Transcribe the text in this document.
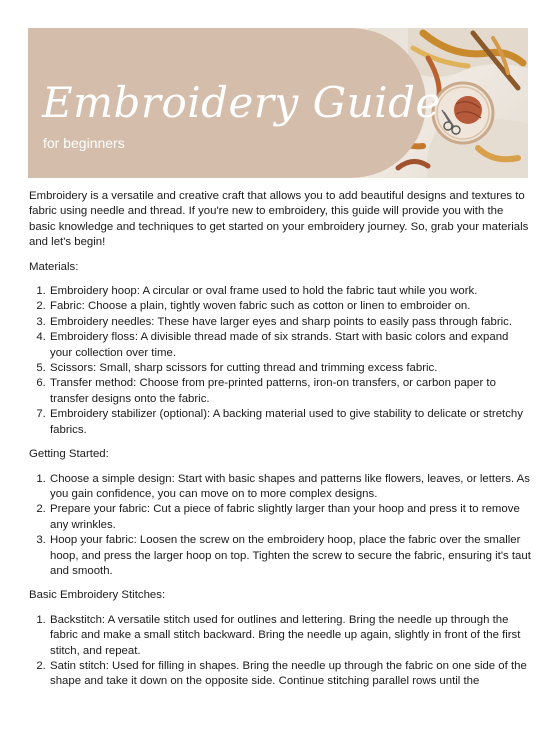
Embroidery Guide
for beginners

Embroidery is a versatile and creative craft that allows you to add beautiful designs and textures to fabric using needle and thread. If you're new to embroidery, this guide will provide you with the basic knowledge and techniques to get started on your embroidery journey. So, grab your materials and let's begin!

Materials:

1. Embroidery hoop: A circular or oval frame used to hold the fabric taut while you work.
2. Fabric: Choose a plain, tightly woven fabric such as cotton or linen to embroider on.
3. Embroidery needles: These have larger eyes and sharp points to easily pass through fabric.
4. Embroidery floss: A divisible thread made of six strands. Start with basic colors and expand your collection over time.
5. Scissors: Small, sharp scissors for cutting thread and trimming excess fabric.
6. Transfer method: Choose from pre-printed patterns, iron-on transfers, or carbon paper to transfer designs onto the fabric.
7. Embroidery stabilizer (optional): A backing material used to give stability to delicate or stretchy fabrics.

Getting Started:

1. Choose a simple design: Start with basic shapes and patterns like flowers, leaves, or letters. As you gain confidence, you can move on to more complex designs.
2. Prepare your fabric: Cut a piece of fabric slightly larger than your hoop and press it to remove any wrinkles.
3. Hoop your fabric: Loosen the screw on the embroidery hoop, place the fabric over the smaller hoop, and press the larger hoop on top. Tighten the screw to secure the fabric, ensuring it's taut and smooth.

Basic Embroidery Stitches:

1. Backstitch: A versatile stitch used for outlines and lettering. Bring the needle up through the fabric and make a small stitch backward. Bring the needle up again, slightly in front of the first stitch, and repeat.
2. Satin stitch: Used for filling in shapes. Bring the needle up through the fabric on one side of the shape and take it down on the opposite side. Continue stitching parallel rows until the
